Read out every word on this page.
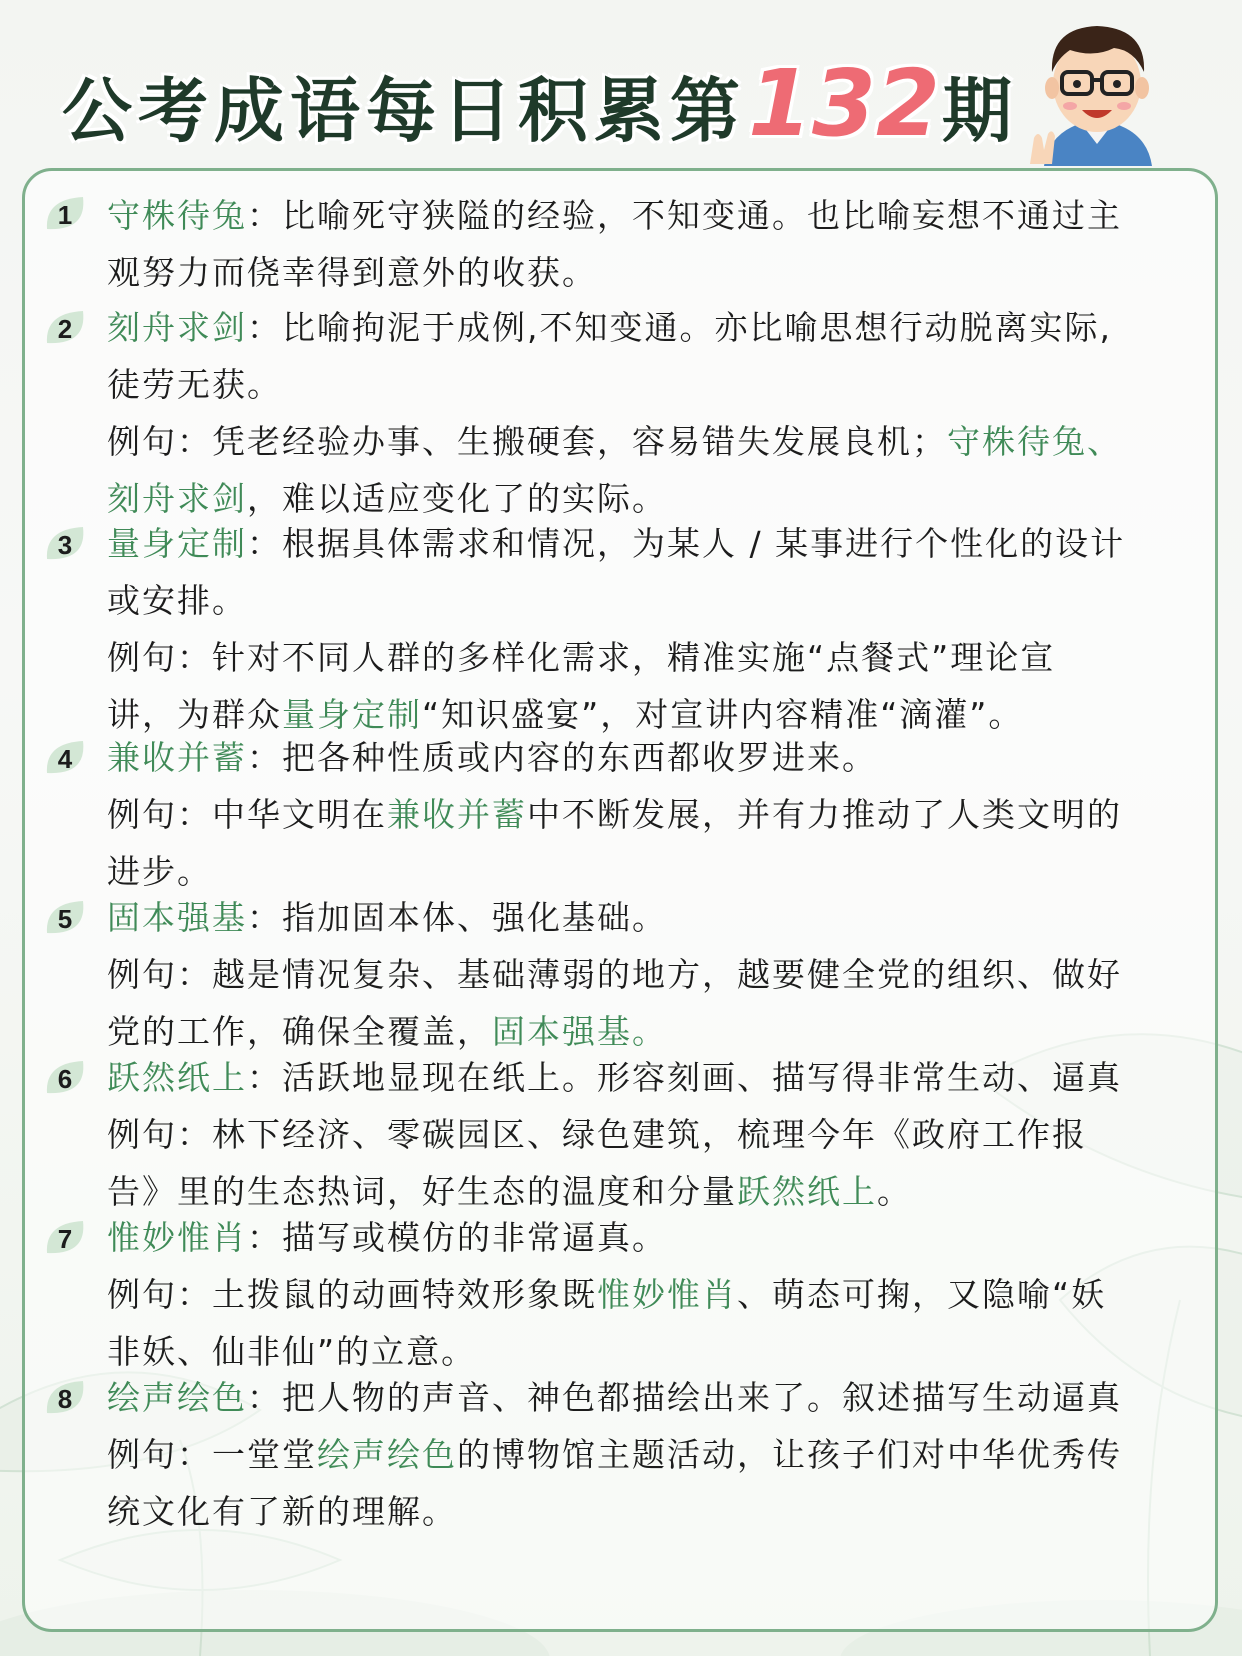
公考成语每日积累第132期
1	守株待兔：比喻死守狭隘的经验，不知变通。也比喻妄想不通过主
观努力而侥幸得到意外的收获。
2	刻舟求剑：比喻拘泥于成例,不知变通。亦比喻思想行动脱离实际,
徒劳无获。
例句：凭老经验办事、生搬硬套，容易错失发展良机；守株待兔、
刻舟求剑，难以适应变化了的实际。
3	量身定制：根据具体需求和情况，为某人 / 某事进行个性化的设计
或安排。
例句：针对不同人群的多样化需求，精准实施“点餐式”理论宣
讲，为群众量身定制“知识盛宴”，对宣讲内容精准“滴灌”。
4	兼收并蓄：把各种性质或内容的东西都收罗进来。
例句：中华文明在兼收并蓄中不断发展，并有力推动了人类文明的
进步。
5	固本强基：指加固本体、强化基础。
例句：越是情况复杂、基础薄弱的地方，越要健全党的组织、做好
党的工作，确保全覆盖，固本强基。
6	跃然纸上：活跃地显现在纸上。形容刻画、描写得非常生动、逼真
例句：林下经济、零碳园区、绿色建筑，梳理今年《政府工作报
告》里的生态热词，好生态的温度和分量跃然纸上。
7	惟妙惟肖：描写或模仿的非常逼真。
例句：土拨鼠的动画特效形象既惟妙惟肖、萌态可掬，又隐喻“妖
非妖、仙非仙”的立意。
8	绘声绘色：把人物的声音、神色都描绘出来了。叙述描写生动逼真
例句：一堂堂绘声绘色的博物馆主题活动，让孩子们对中华优秀传
统文化有了新的理解。
